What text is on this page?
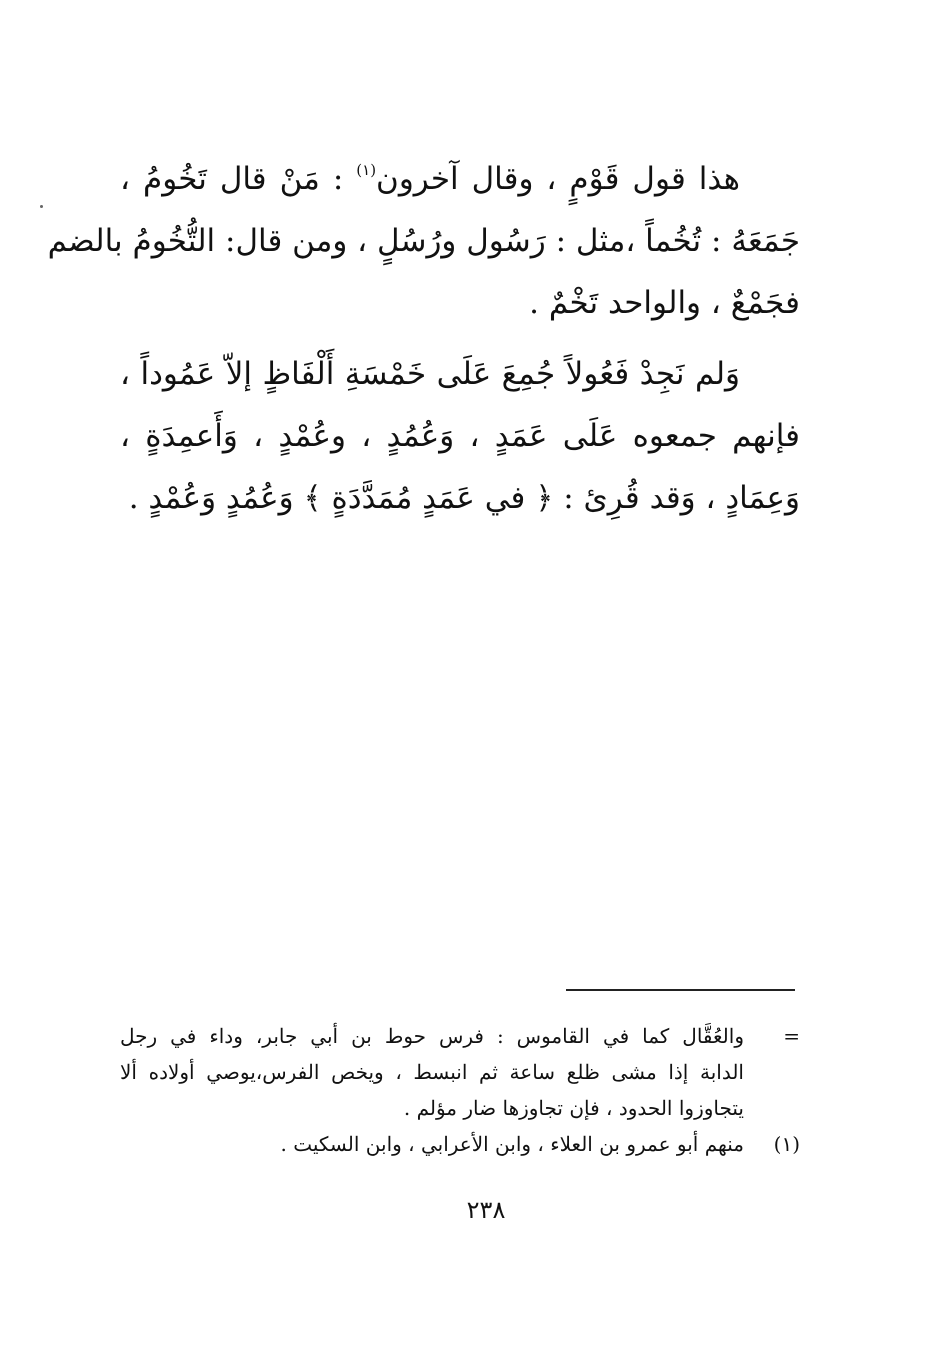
هذا قول قَوْمٍ ، وقال آخرون$^{(١)}$ : مَنْ قال تَخُومُ ،
جَمَعَهُ : تُخُماً ،مثل : رَسُول ورُسُلٍ ، ومن قال: التُّخُومُ بالضم
فجَمْعٌ ، والواحد تَخْمٌ .
وَلم نَجِدْ فَعُولاً جُمِعَ عَلَى خَمْسَةِ أَلْفَاظٍ إلاّ عَمُوداً ،
فإنهم جمعوه عَلَى عَمَدٍ ، وَعُمُدٍ ، وعُمْدٍ ، وَأَعمِدَةٍ ،
وَعِمَادٍ ، وَقد قُرِئ : ﴿ في عَمَدٍ مُمَدَّدَةٍ ﴾ وَعُمُدٍ وَعُمْدٍ .
=
والعُقَّال كما في القاموس : فرس حوط بن أبي جابر، وداء في رجل
الدابة إذا مشى ظلع ساعة ثم انبسط ، ويخص الفرس،يوصي أولاده ألا
يتجاوزوا الحدود ، فإن تجاوزها ضار مؤلم .
(١)
منهم أبو عمرو بن العلاء ، وابن الأعرابي ، وابن السكيت .
٢٣٨
